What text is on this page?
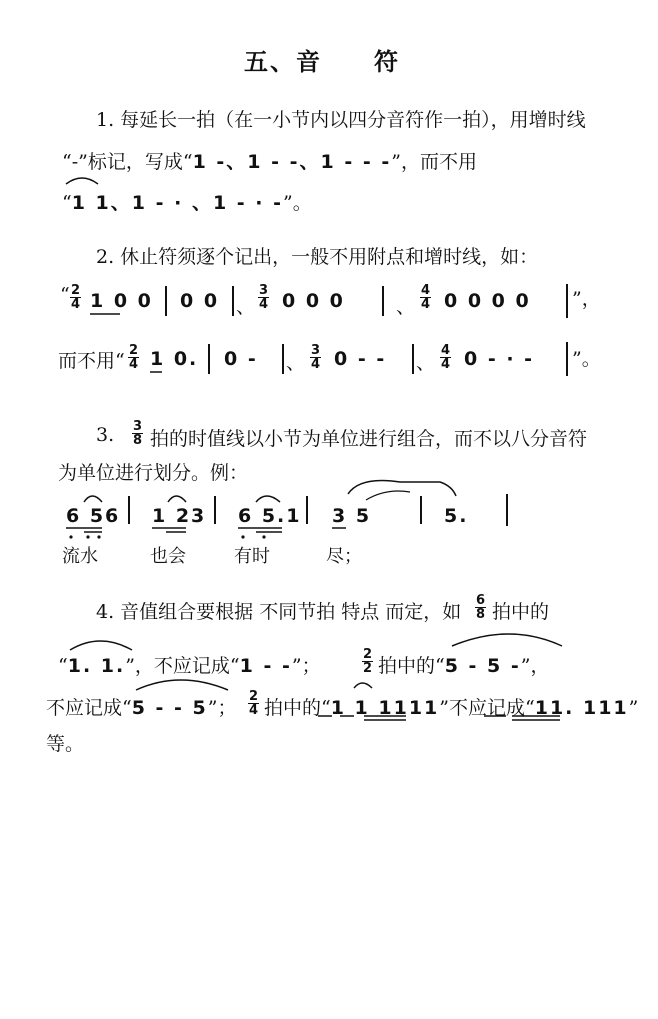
五、音　　符
1. 每延长一拍（在一小节内以四分音符作一拍），用增时线
“-”标记，写成“1 -、1 - -、1 - - -”，而不用
“1 1、1 - · 、1 - · -”。
2. 休止符须逐个记出，一般不用附点和增时线，如：
“ $\frac{2}{4} 1$ 0 0 0 0 、 $\frac{3}{4} 0$ 0 0	、 $\frac{4}{4} 0$ 0 0 0 ”，
而不用“ $\frac{2}{4} 1$ 0. 0 - 、 $\frac{3}{4} 0$ - - 、 $\frac{4}{4} 0$ - · - ”。
3. $\frac{3}{8}$ 拍的时值线以小节为单位进行组合，而不以八分音符
为单位进行划分。例：
6 56 1 23 6 5.1 3 5	5.
流水	也会	有时	尽；
4. 音值组合要根据 不同节拍 特点 而定，如 $\frac{6}{8}$ 拍中的
“1. 1.”，不应记成“1 - -”；	$\frac{2}{2}$ 拍中的“5 - 5 -”，
不应记成“5 - - 5”； $\frac{2}{4}$ 拍中的“1 1 1111”不应记成“11. 111”
等。
